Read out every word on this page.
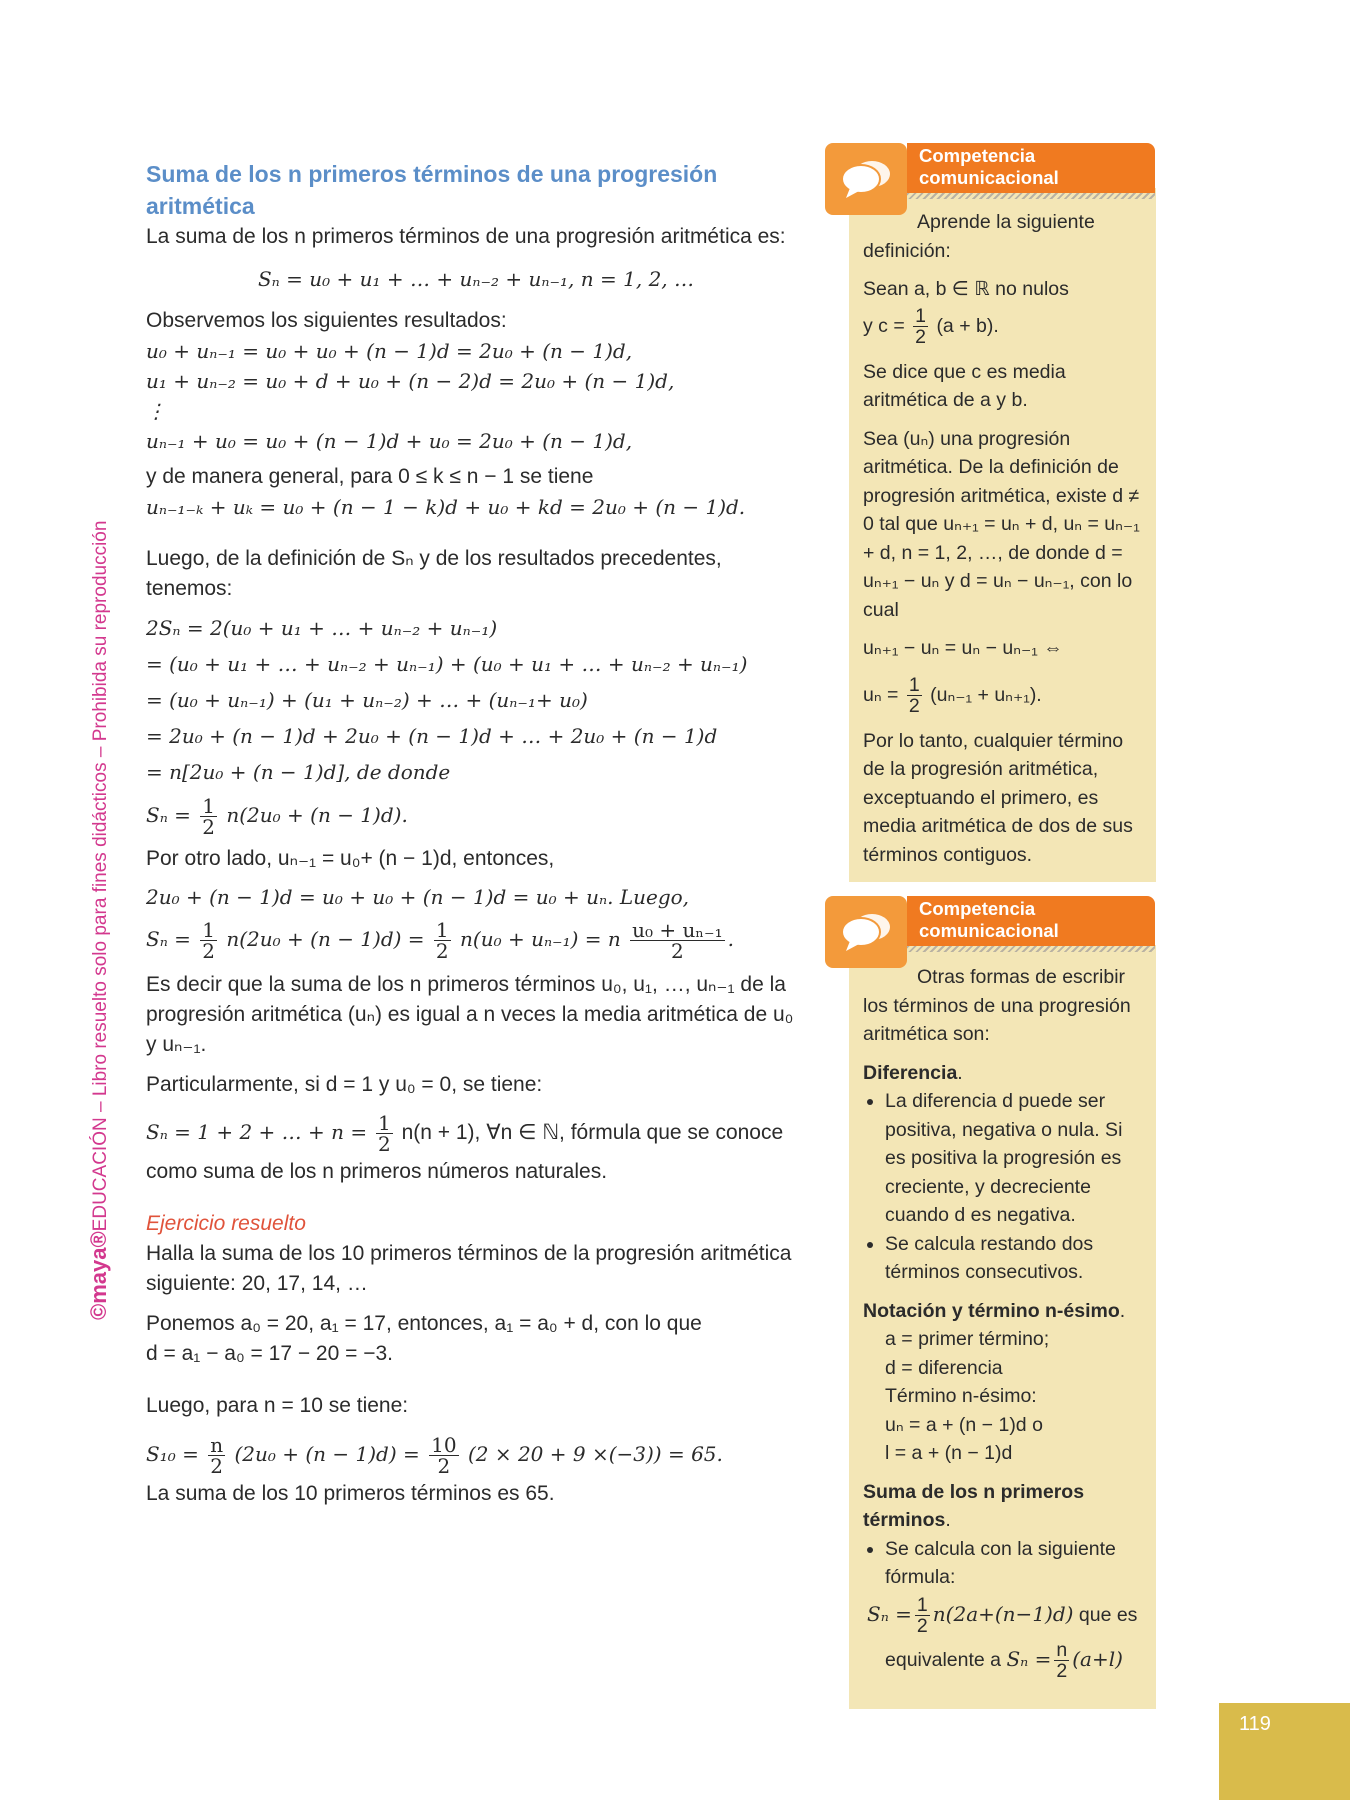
©maya®EDUCACIÓN – Libro resuelto solo para fines didácticos – Prohibida su reproducción

Suma de los n primeros términos de una progresión aritmética

La suma de los n primeros términos de una progresión aritmética es:

Sₙ = u₀ + u₁ + … + uₙ₋₂ + uₙ₋₁, n = 1, 2, …

Observemos los siguientes resultados:

u₀ + uₙ₋₁ = u₀ + u₀ + (n − 1)d = 2u₀ + (n − 1)d,

u₁ + uₙ₋₂ = u₀ + d + u₀ + (n − 2)d = 2u₀ + (n − 1)d,

⋮

uₙ₋₁ + u₀ = u₀ + (n − 1)d + u₀ = 2u₀ + (n − 1)d,

y de manera general, para 0 ≤ k ≤ n − 1 se tiene

uₙ₋₁₋ₖ + uₖ = u₀ + (n − 1 − k)d + u₀ + kd = 2u₀ + (n − 1)d.

Luego, de la definición de Sₙ y de los resultados precedentes, tenemos:

2Sₙ = 2(u₀ + u₁ + … + uₙ₋₂ + uₙ₋₁)

= (u₀ + u₁ + … + uₙ₋₂ + uₙ₋₁) + (u₀ + u₁ + … + uₙ₋₂ + uₙ₋₁)

= (u₀ + uₙ₋₁) + (u₁ + uₙ₋₂) + … + (uₙ₋₁+ u₀)

= 2u₀ + (n − 1)d + 2u₀ + (n − 1)d + … + 2u₀ + (n − 1)d

= n[2u₀ + (n − 1)d], de donde

$S_n = \frac{1}{2} n(2u_0 + (n - 1)d)$.

Por otro lado, uₙ₋₁ = u₀+ (n − 1)d, entonces,

2u₀ + (n − 1)d = u₀ + u₀ + (n − 1)d = u₀ + uₙ. Luego,

$S_n = \frac{1}{2} n(2u_0 + (n - 1)d) = \frac{1}{2} n(u_0 + u_{n-1}) = n \frac{\text{u₀ + uₙ₋₁}}{2}$ .

Es decir que la suma de los n primeros términos u₀, u₁, …, uₙ₋₁ de la progresión aritmética (uₙ) es igual a n veces la media aritmética de u₀ y uₙ₋₁.

Particularmente, si d = 1 y u₀ = 0, se tiene:

Sₙ = 1 + 2 + … + $n = \frac{1}{2} n(n + 1)$, ∀n ∈ ℕ, fórmula que se conoce

como suma de los n primeros números naturales.

Ejercicio resuelto

Halla la suma de los 10 primeros términos de la progresión aritmética siguiente: 20, 17, 14, …

Ponemos a₀ = 20, a₁ = 17, entonces, a₁ = a₀ + d, con lo que

d = a₁ − a₀ = 17 − 20 = −3.

Luego, para n = 10 se tiene:

$S_{10} = \frac{n}{2} (2u_0 + (n - 1)d) = \frac{10}{2} (2 \times 20 + 9 \times(-3)) = 65$.

La suma de los 10 primeros términos es 65.

Aprende la siguiente definición:

Sean a, b ∈ ℝ no nulos

y $c = \frac{1}{2} (a + b)$.

Se dice que c es media aritmética de a y b.

Sea (uₙ) una progresión aritmética. De la definición de progresión aritmética, existe d ≠ 0 tal que uₙ₊₁ = uₙ + d, uₙ = uₙ₋₁ + d, n = 1, 2, …, de donde d = uₙ₊₁ − uₙ y d = uₙ − uₙ₋₁, con lo cual

uₙ₊₁ − uₙ = uₙ − uₙ₋₁ ⇔

$u_n = \frac{1}{2} (u_{n-1} + u_{n+1})$.

Por lo tanto, cualquier término de la progresión aritmética, exceptuando el primero, es media aritmética de dos de sus términos contiguos.

Competencia comunicacional

Otras formas de escribir los términos de una progresión aritmética son:

Diferencia.

• La diferencia d puede ser positiva, negativa o nula. Si es positiva la progresión es creciente, y decreciente cuando d es negativa.
• Se calcula restando dos términos consecutivos.

Notación y término n-ésimo.

a = primer término;
d = diferencia
Término n-ésimo:
uₙ = a + (n − 1)d o
l = a + (n − 1)d

Suma de los n primeros términos.

• Se calcula con la siguiente fórmula:
$S_n = \frac{1}{2} n(2a+(n-1)d)$ que es
equivalente a $S_n = \frac{n}{2} (a+l)$
Competencia comunicacional
119
